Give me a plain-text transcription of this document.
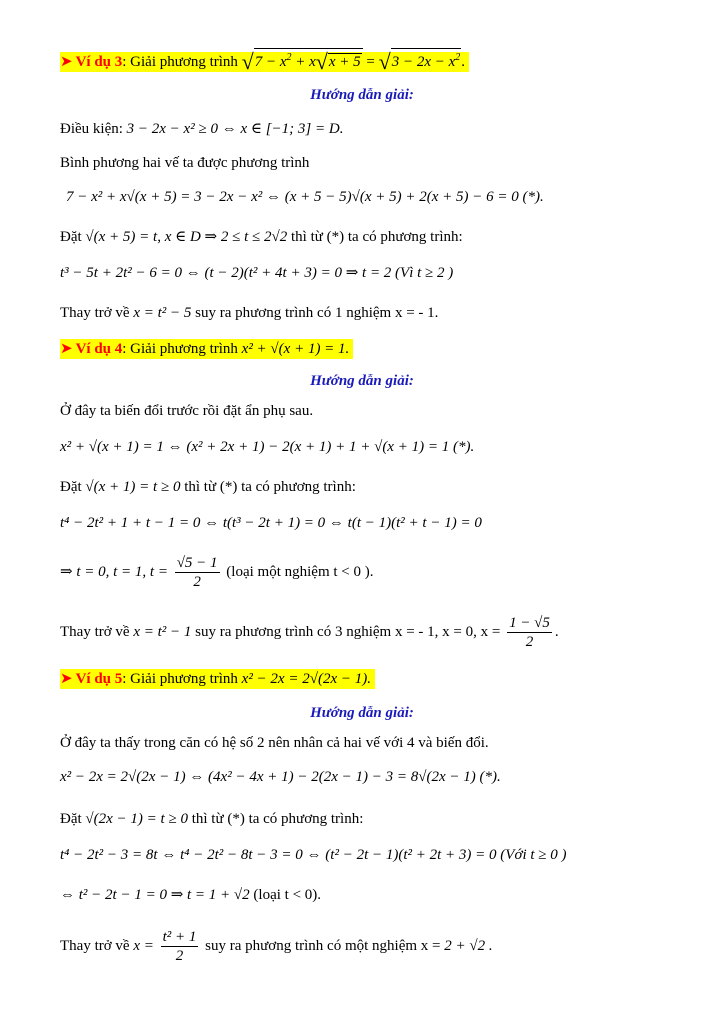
➤ Ví dụ 3: Giải phương trình $√7 - x^2 + x√x + 5 = √3 - 2x - x^2$.
Hướng dẫn giải:
Điều kiện: 3 − 2x − x² ≥ 0 ⇔ x ∈ [−1; 3] = D.
Bình phương hai vế ta được phương trình
7 − x² + x√(x + 5) = 3 − 2x − x² ⇔ (x + 5 − 5)√(x + 5) + 2(x + 5) − 6 = 0 (*).
Đặt √(x + 5) = t, x ∈ D ⇒ 2 ≤ t ≤ 2√2 thì từ (*) ta có phương trình:
t³ − 5t + 2t² − 6 = 0 ⇔ (t − 2)(t² + 4t + 3) = 0 ⇒ t = 2 (Vì t ≥ 2 )
Thay trở về x = t² − 5 suy ra phương trình có 1 nghiệm x = - 1.
➤ Ví dụ 4: Giải phương trình x² + √(x + 1) = 1.
Hướng dẫn giải:
Ở đây ta biến đổi trước rồi đặt ẩn phụ sau.
x² + √(x + 1) = 1 ⇔ (x² + 2x + 1) − 2(x + 1) + 1 + √(x + 1) = 1 (*).
Đặt √(x + 1) = t ≥ 0 thì từ (*) ta có phương trình:
t⁴ − 2t² + 1 + t − 1 = 0 ⇔ t(t³ − 2t + 1) = 0 ⇔ t(t − 1)(t² + t − 1) = 0
⇒ t = 0, t = 1, $t = \frac{√5 - 1}{2}$ (loại một nghiệm t < 0 ).
Thay trở về x = t² − 1 suy ra phương trình có 3 nghiệm x = - 1, x = 0, $x = \frac{1 - √5}{2}$ .
➤ Ví dụ 5: Giải phương trình x² − 2x = 2√(2x − 1).
Hướng dẫn giải:
Ở đây ta thấy trong căn có hệ số 2 nên nhân cả hai vế với 4 và biến đổi.
x² − 2x = 2√(2x − 1) ⇔ (4x² − 4x + 1) − 2(2x − 1) − 3 = 8√(2x − 1) (*).
Đặt √(2x − 1) = t ≥ 0 thì từ (*) ta có phương trình:
t⁴ − 2t² − 3 = 8t ⇔ t⁴ − 2t² − 8t − 3 = 0 ⇔ (t² − 2t − 1)(t² + 2t + 3) = 0 (Với t ≥ 0 )
⇔ t² − 2t − 1 = 0 ⇒ t = 1 + √2 (loại t < 0).
Thay trở về $x = \frac{\text{t² + 1}}{2}$ suy ra phương trình có một nghiệm x = 2 + √2 .
